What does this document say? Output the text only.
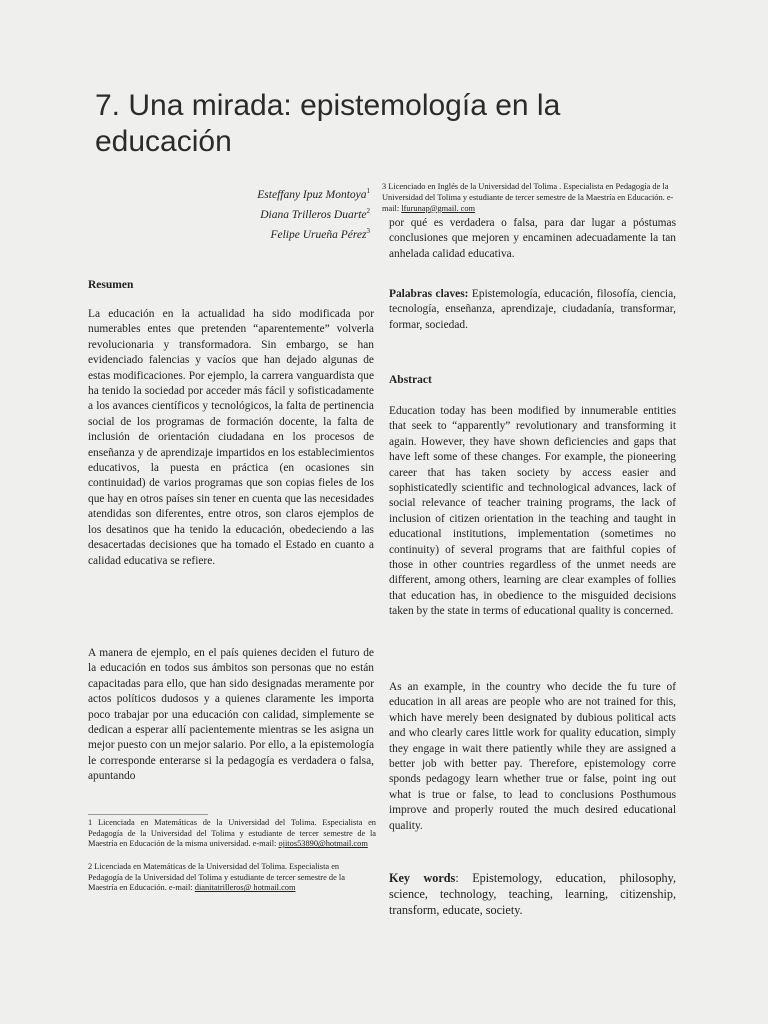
7. Una mirada: epistemología en la educación
Esteffany Ipuz Montoya$^1$
Diana Trilleros Duarte$^2$
Felipe Urueña Pérez$^3$
3 Licenciado en Inglés de la Universidad del Tolima . Especialista en Pedagogía de la Universidad del Tolima y estudiante de tercer semestre de la Maestría en Educación. e-mail: lfurunap@gmail. com

por qué es verdadera o falsa, para dar lugar a póstumas conclusiones que mejoren y encaminen adecuadamente la tan anhelada calidad educativa.

Resumen

La educación en la actualidad ha sido modificada por numerables entes que pretenden “aparentemente” volverla revolucionaria y transformadora. Sin embargo, se han evidenciado falencias y vacíos que han dejado algunas de estas modificaciones. Por ejemplo, la carrera vanguardista que ha tenido la sociedad por acceder más fácil y sofisticadamente a los avances científicos y tecnológicos, la falta de pertinencia social de los programas de formación docente, la falta de inclusión de orientación ciudadana en los procesos de enseñanza y de aprendizaje impartidos en los establecimientos educativos, la puesta en práctica (en ocasiones sin continuidad) de varios programas que son copias fieles de los que hay en otros países sin tener en cuenta que las necesidades atendidas son diferentes, entre otros, son claros ejemplos de los desatinos que ha tenido la educación, obedeciendo a las desacertadas decisiones que ha tomado el Estado en cuanto a calidad educativa se refiere.

A manera de ejemplo, en el país quienes deciden el futuro de la educación en todos sus ámbitos son personas que no están capacitadas para ello, que han sido designadas meramente por actos políticos dudosos y a quienes claramente les importa poco trabajar por una educación con calidad, simplemente se dedican a esperar allí pacientemente mientras se les asigna un mejor puesto con un mejor salario. Por ello, a la epistemología le corresponde enterarse si la pedagogía es verdadera o falsa, apuntando

Palabras claves: Epistemología, educación, filosofía, ciencia, tecnología, enseñanza, aprendizaje, ciudadanía, transformar, formar, sociedad.

Abstract

Education today has been modified by innumerable entities that seek to “apparently” revolutionary and transforming it again. However, they have shown deficiencies and gaps that have left some of these changes. For example, the pioneering career that has taken society by access easier and sophisticatedly scientific and technological advances, lack of social relevance of teacher training programs, the lack of inclusion of citizen orientation in the teaching and taught in educational institutions, implementation (sometimes no continuity) of several programs that are faithful copies of those in other countries regardless of the unmet needs are different, among others, learning are clear examples of follies that education has, in obedience to the misguided decisions taken by the state in terms of educational quality is concerned.

As an example, in the country who decide the fu ture of education in all areas are people who are not trained for this, which have merely been designated by dubious political acts and who clearly cares little work for quality education, simply they engage in wait there patiently while they are assigned a better job with better pay. Therefore, epistemology corre sponds pedagogy learn whether true or false, point ing out what is true or false, to lead to conclusions Posthumous improve and properly routed the much desired educational quality.

Key words: Epistemology, education, philosophy, science, technology, teaching, learning, citizenship, transform, educate, society.

1 Licenciada en Matemáticas de la Universidad del Tolima. Especialista en Pedagogía de la Universidad del Tolima y estudiante de tercer semestre de la Maestría en Educación de la misma universidad. e-mail: ojitos53890@hotmail.com
2 Licenciada en Matemáticas de la Universidad del Tolima. Especialista en Pedagogía de la Universidad del Tolima y estudiante de tercer semestre de la Maestría en Educación. e-mail: dianitatrilleros@ hotmail.com
